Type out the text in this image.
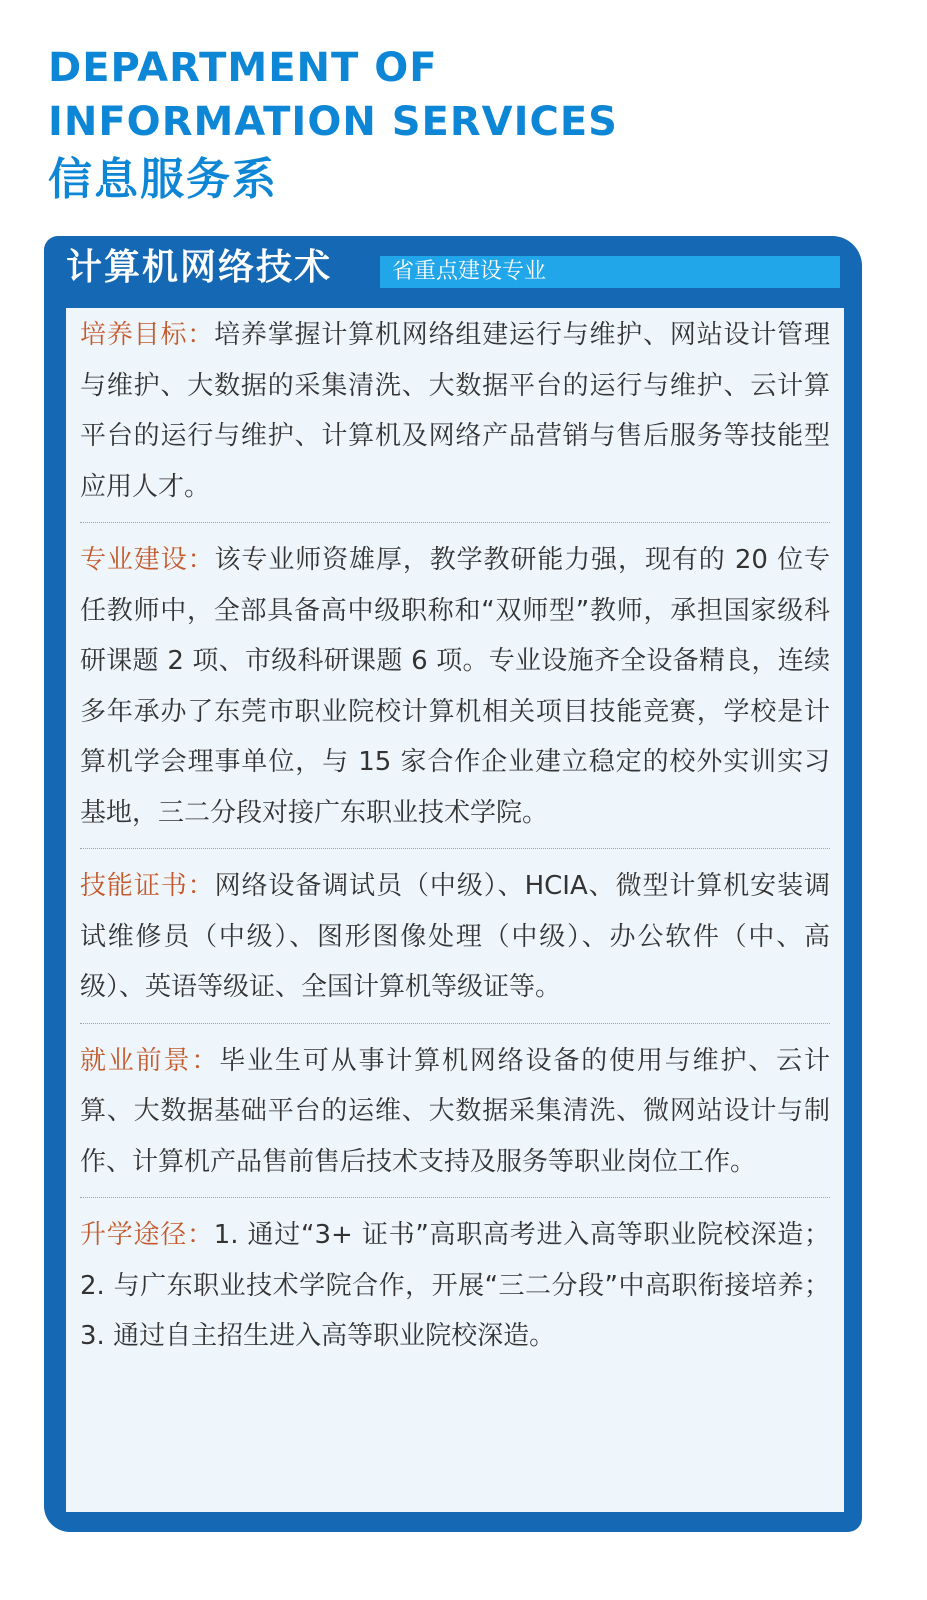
DEPARTMENT OF
INFORMATION SERVICES
信息服务系
计算机网络技术	省重点建设专业

培养目标：培养掌握计算机网络组建运行与维护、网站设计管理与维护、大数据的采集清洗、大数据平台的运行与维护、云计算平台的运行与维护、计算机及网络产品营销与售后服务等技能型应用人才。

专业建设：该专业师资雄厚，教学教研能力强，现有的 20 位专任教师中，全部具备高中级职称和“双师型”教师，承担国家级科研课题 2 项、市级科研课题 6 项。专业设施齐全设备精良，连续多年承办了东莞市职业院校计算机相关项目技能竞赛，学校是计算机学会理事单位，与 15 家合作企业建立稳定的校外实训实习基地，三二分段对接广东职业技术学院。

技能证书：网络设备调试员（中级）、HCIA、微型计算机安装调试维修员（中级）、图形图像处理（中级）、办公软件（中、高级）、英语等级证、全国计算机等级证等。

就业前景：毕业生可从事计算机网络设备的使用与维护、云计算、大数据基础平台的运维、大数据采集清洗、微网站设计与制作、计算机产品售前售后技术支持及服务等职业岗位工作。

升学途径：1. 通过“3+ 证书”高职高考进入高等职业院校深造；2. 与广东职业技术学院合作，开展“三二分段”中高职衔接培养；3. 通过自主招生进入高等职业院校深造。
